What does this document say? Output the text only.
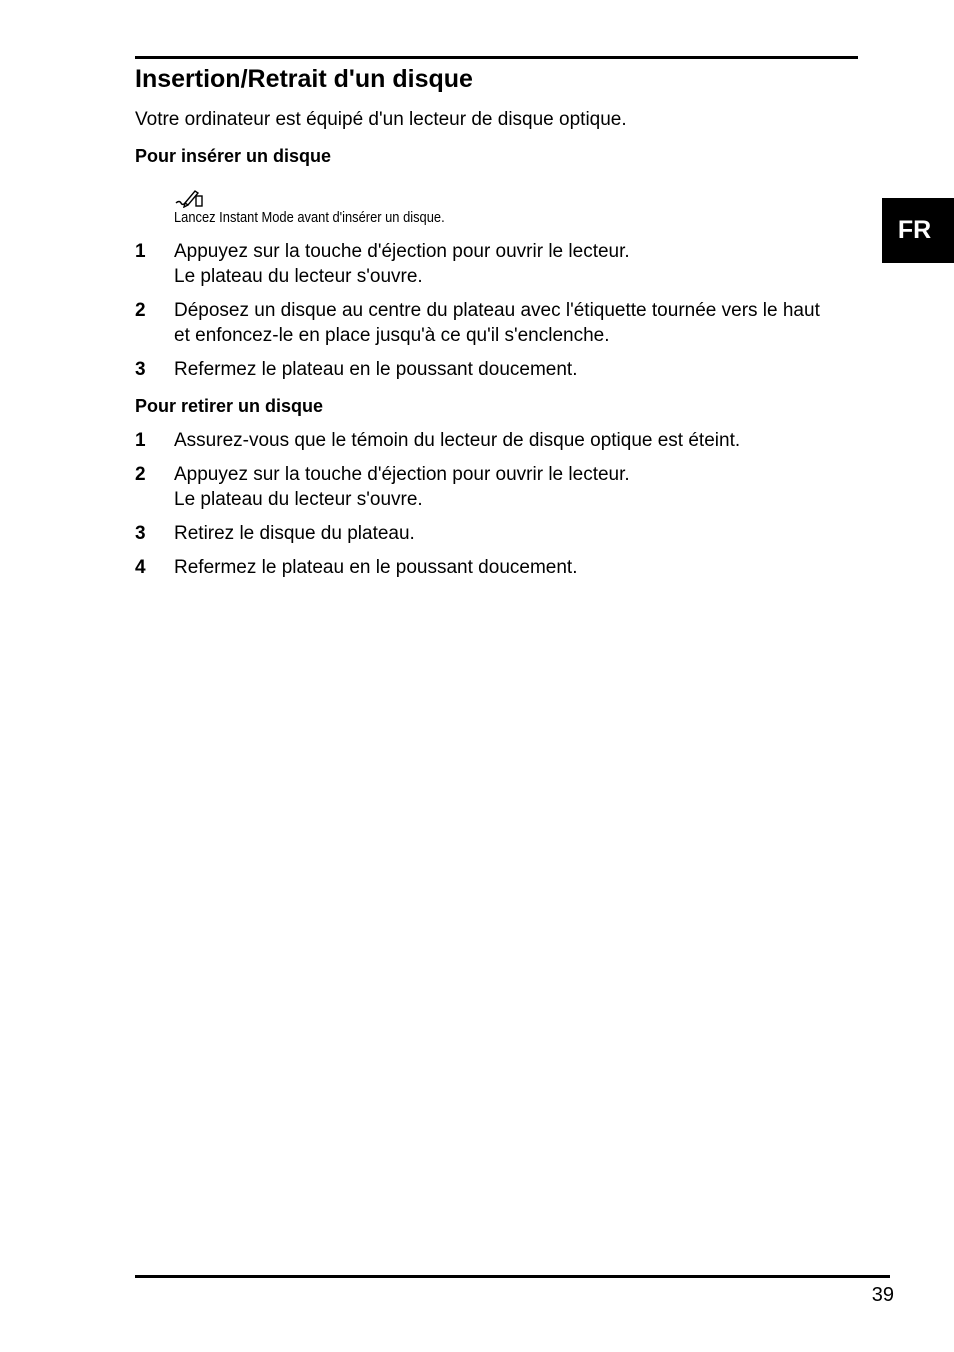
Insertion/Retrait d'un disque

Votre ordinateur est équipé d'un lecteur de disque optique.

Pour insérer un disque

Lancez Instant Mode avant d'insérer un disque.

1 Appuyez sur la touche d'éjection pour ouvrir le lecteur.
Le plateau du lecteur s'ouvre.
2 Déposez un disque au centre du plateau avec l'étiquette tournée vers le haut
et enfoncez-le en place jusqu'à ce qu'il s'enclenche.
3 Refermez le plateau en le poussant doucement.
Pour retirer un disque
1 Assurez-vous que le témoin du lecteur de disque optique est éteint.
2 Appuyez sur la touche d'éjection pour ouvrir le lecteur.
Le plateau du lecteur s'ouvre.
3 Retirez le disque du plateau.
4 Refermez le plateau en le poussant doucement.
FR
39
